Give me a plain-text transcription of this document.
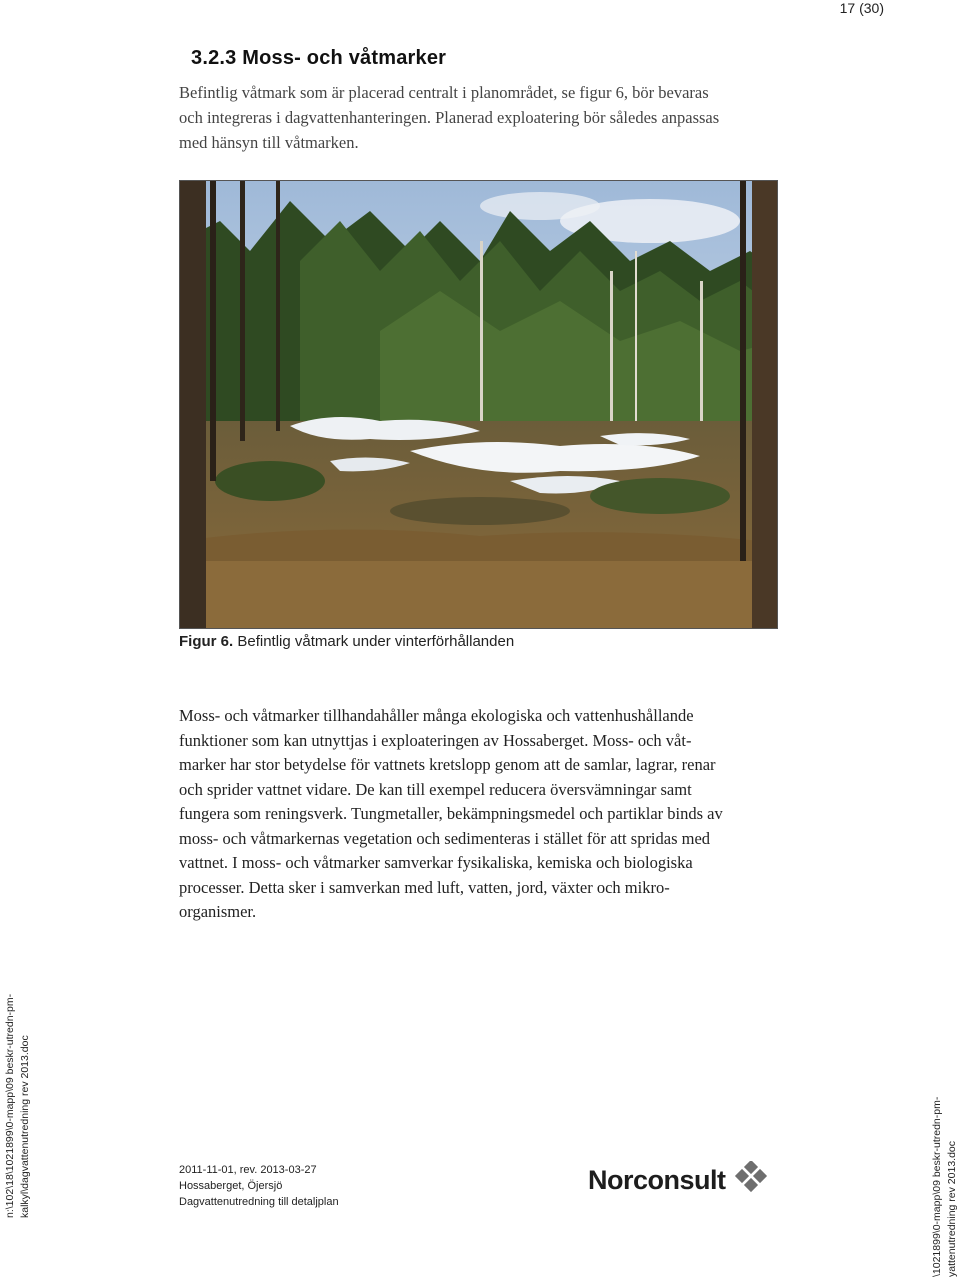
17 (30)
3.2.3 Moss- och våtmarker

Befintlig våtmark som är placerad centralt i planområdet, se figur 6, bör bevaras
och integreras i dagvattenhanteringen. Planerad exploatering bör således anpassas
med hänsyn till våtmarken.

Figur 6. Befintlig våtmark under vinterförhållanden

Moss- och våtmarker tillhandahåller många ekologiska och vattenhushållande
funktioner som kan utnyttjas i exploateringen av Hossaberget. Moss- och våt-
marker har stor betydelse för vattnets kretslopp genom att de samlar, lagrar, renar
och sprider vattnet vidare. De kan till exempel reducera översvämningar samt
fungera som reningsverk. Tungmetaller, bekämpningsmedel och partiklar binds av
moss- och våtmarkernas vegetation och sedimenteras i stället för att spridas med
vattnet. I moss- och våtmarker samverkar fysikaliska, kemiska och biologiska
processer. Detta sker i samverkan med luft, vatten, jord, växter och mikro-
organismer.

2011-11-01, rev. 2013-03-27
Hossaberget, Öjersjö
Dagvattenutredning till detaljplan
Norconsult
n:\102\18\1021899\0-mapp\09 beskr-utredn-pm- kalkyl\dagvattenutredning rev 2013.doc	\1021899\0-mapp\09 beskr-utredn-pm- yattenutredning rev 2013.doc
